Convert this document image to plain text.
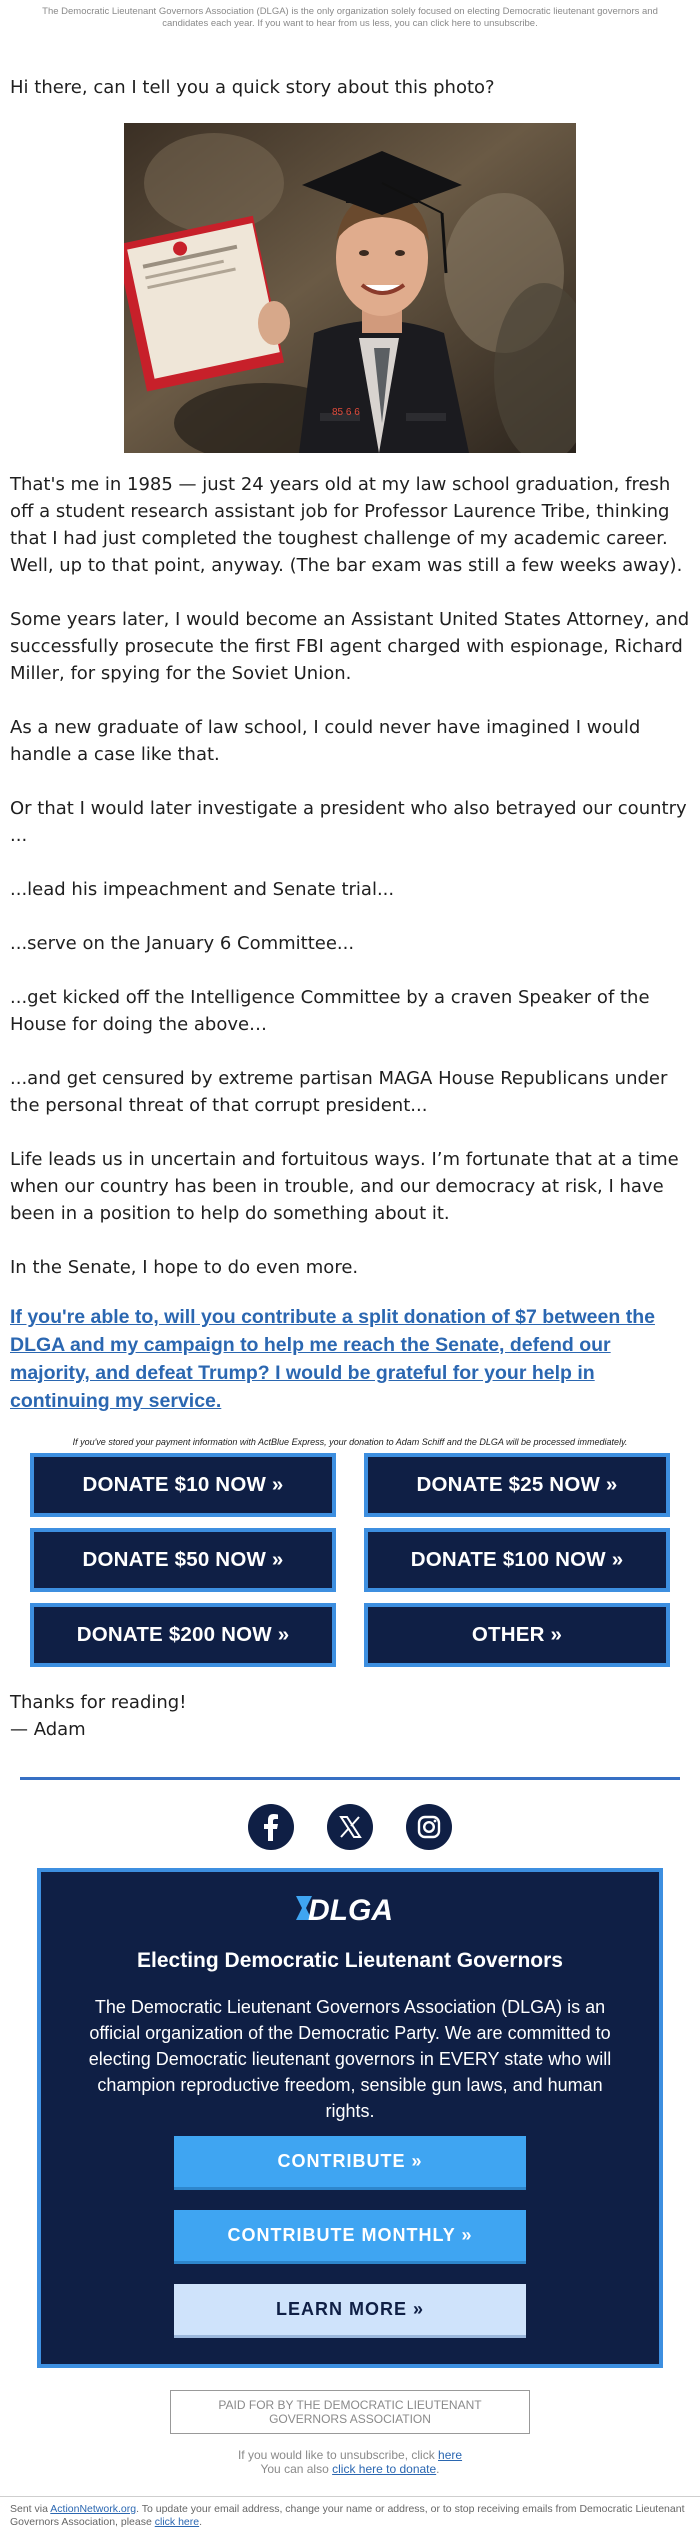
The Democratic Lieutenant Governors Association (DLGA) is the only organization solely focused on electing Democratic lieutenant governors and candidates each year. If you want to hear from us less, you can click here to unsubscribe.

Hi there, can I tell you a quick story about this photo?

85 6 6

That's me in 1985 — just 24 years old at my law school graduation, fresh off a student research assistant job for Professor Laurence Tribe, thinking that I had just completed the toughest challenge of my academic career. Well, up to that point, anyway. (The bar exam was still a few weeks away).

Some years later, I would become an Assistant United States Attorney, and successfully prosecute the first FBI agent charged with espionage, Richard Miller, for spying for the Soviet Union.

As a new graduate of law school, I could never have imagined I would handle a case like that.

Or that I would later investigate a president who also betrayed our country ...

...lead his impeachment and Senate trial...

...serve on the January 6 Committee...

...get kicked off the Intelligence Committee by a craven Speaker of the House for doing the above…

...and get censured by extreme partisan MAGA House Republicans under the personal threat of that corrupt president...

Life leads us in uncertain and fortuitous ways. I’m fortunate that at a time when our country has been in trouble, and our democracy at risk, I have been in a position to help do something about it.

In the Senate, I hope to do even more.

If you're able to, will you contribute a split donation of $7 between the DLGA and my campaign to help me reach the Senate, defend our majority, and defeat Trump? I would be grateful for your help in continuing my service.
If you've stored your payment information with ActBlue Express, your donation to Adam Schiff and the DLGA will be processed immediately.
DONATE $10 NOW »	DONATE $25 NOW »
DONATE $50 NOW »	DONATE $100 NOW »
DONATE $200 NOW »	OTHER »
Thanks for reading!
— Adam
DLGA
Electing Democratic Lieutenant Governors
The Democratic Lieutenant Governors Association (DLGA) is an official organization of the Democratic Party. We are committed to electing Democratic lieutenant governors in EVERY state who will champion reproductive freedom, sensible gun laws, and human rights.
CONTRIBUTE »
CONTRIBUTE MONTHLY »
LEARN MORE »
PAID FOR BY THE DEMOCRATIC LIEUTENANT GOVERNORS ASSOCIATION
If you would like to unsubscribe, click here
You can also click here to donate.
Sent via ActionNetwork.org. To update your email address, change your name or address, or to stop receiving emails from Democratic Lieutenant Governors Association, please click here.
